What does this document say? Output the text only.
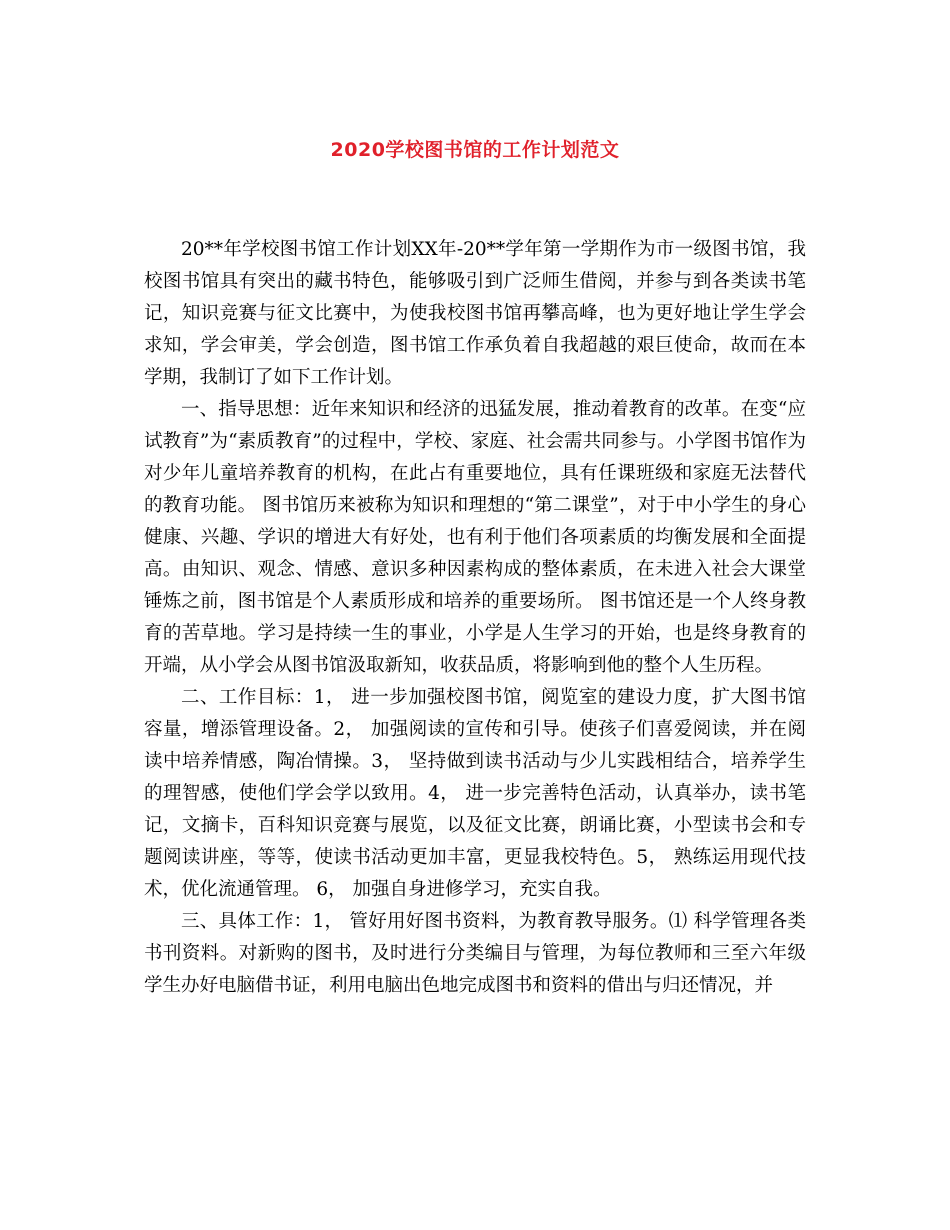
2020学校图书馆的工作计划范文

20**年学校图书馆工作计划XX年-20**学年第一学期作为市一级图书馆，我校图书馆具有突出的藏书特色，能够吸引到广泛师生借阅，并参与到各类读书笔记，知识竞赛与征文比赛中，为使我校图书馆再攀高峰，也为更好地让学生学会求知，学会审美，学会创造，图书馆工作承负着自我超越的艰巨使命，故而在本学期，我制订了如下工作计划。

一、指导思想：近年来知识和经济的迅猛发展，推动着教育的改革。在变“应试教育”为“素质教育”的过程中，学校、家庭、社会需共同参与。小学图书馆作为对少年儿童培养教育的机构，在此占有重要地位，具有任课班级和家庭无法替代的教育功能。 图书馆历来被称为知识和理想的“第二课堂”，对于中小学生的身心健康、兴趣、学识的增进大有好处，也有利于他们各项素质的均衡发展和全面提高。由知识、观念、情感、意识多种因素构成的整体素质，在未进入社会大课堂锤炼之前，图书馆是个人素质形成和培养的重要场所。 图书馆还是一个人终身教育的苦草地。学习是持续一生的事业，小学是人生学习的开始，也是终身教育的开端，从小学会从图书馆汲取新知，收获品质，将影响到他的整个人生历程。

二、工作目标：1， 进一步加强校图书馆，阅览室的建设力度，扩大图书馆容量，增添管理设备。2， 加强阅读的宣传和引导。使孩子们喜爱阅读，并在阅读中培养情感，陶冶情操。3， 坚持做到读书活动与少儿实践相结合，培养学生的理智感，使他们学会学以致用。4， 进一步完善特色活动，认真举办，读书笔记，文摘卡，百科知识竞赛与展览，以及征文比赛，朗诵比赛，小型读书会和专题阅读讲座，等等，使读书活动更加丰富，更显我校特色。5， 熟练运用现代技术，优化流通管理。 6， 加强自身进修学习，充实自我。

三、具体工作：1， 管好用好图书资料，为教育教导服务。⑴ 科学管理各类书刊资料。对新购的图书，及时进行分类编目与管理，为每位教师和三至六年级学生办好电脑借书证，利用电脑出色地完成图书和资料的借出与归还情况，并
